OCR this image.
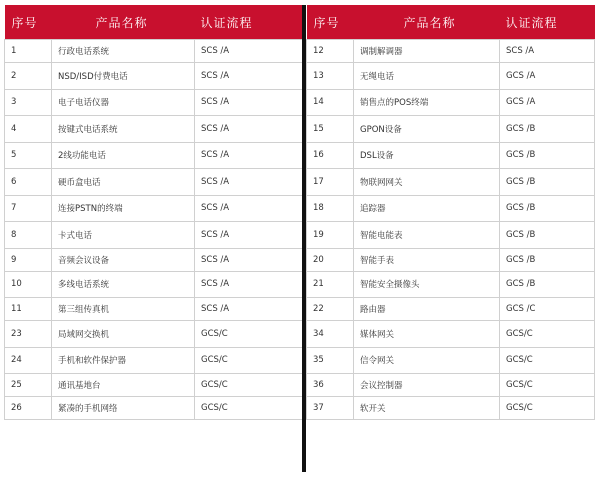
序号	产品名称	认证流程
1	行政电话系统	SCS /A
2	NSD/ISD付费电话	SCS /A
3	电子电话仪器	SCS /A
4	按键式电话系统	SCS /A
5	2线功能电话	SCS /A
6	硬币盒电话	SCS /A
7	连接PSTN的终端	SCS /A
8	卡式电话	SCS /A
9	音频会议设备	SCS /A
10	多线电话系统	SCS /A
11	第三组传真机	SCS /A
23	局域网交换机	GCS/C
24	手机和软件保护器	GCS/C
25	通讯基地台	GCS/C
26	紧凑的手机网络	GCS/C
序号	产品名称	认证流程
12	调制解调器	SCS /A
13	无绳电话	GCS /A
14	销售点的POS终端	GCS /A
15	GPON设备	GCS /B
16	DSL设备	GCS /B
17	物联网网关	GCS /B
18	追踪器	GCS /B
19	智能电能表	GCS /B
20	智能手表	GCS /B
21	智能安全摄像头	GCS /B
22	路由器	GCS /C
34	媒体网关	GCS/C
35	信令网关	GCS/C
36	会议控制器	GCS/C
37	软开关	GCS/C
